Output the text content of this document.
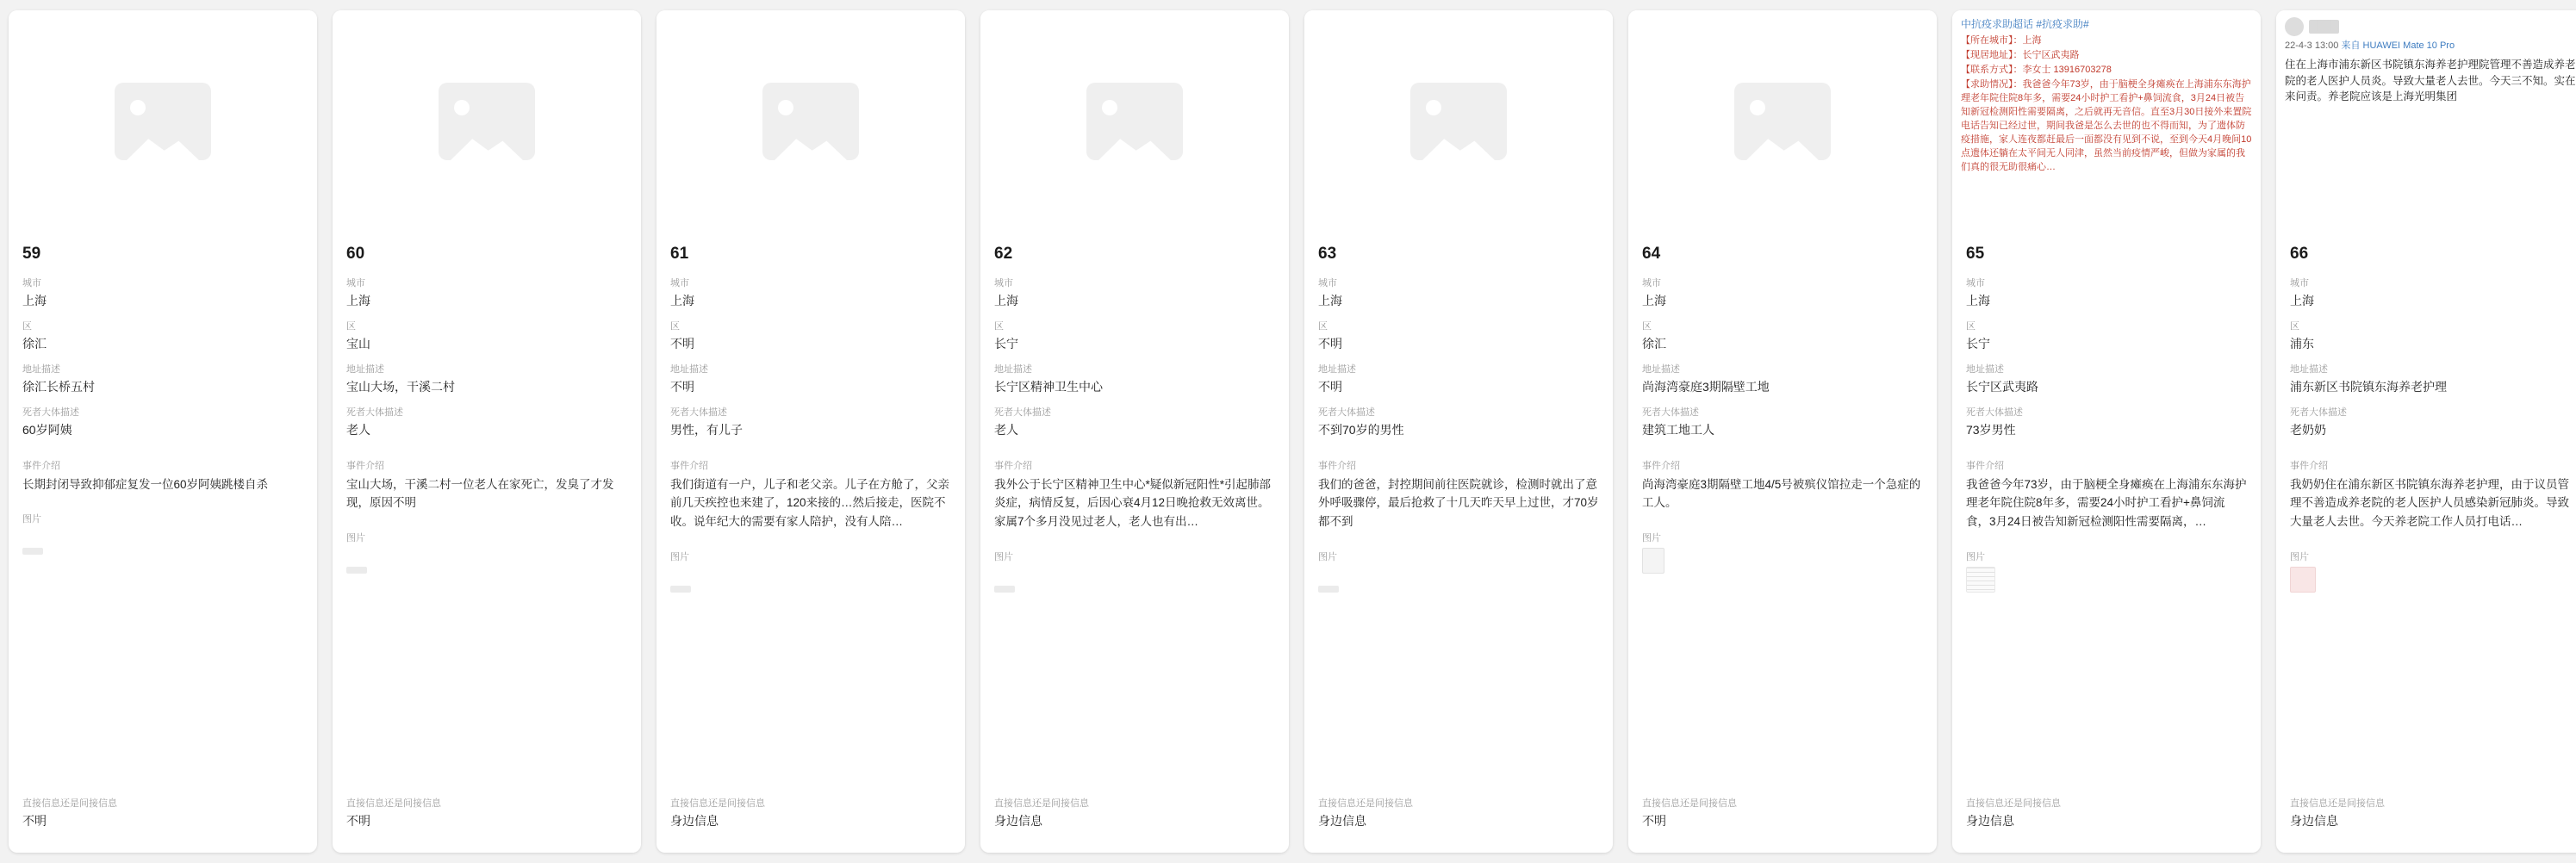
59
城市
上海
区
徐汇
地址描述
徐汇长桥五村
死者大体描述
60岁阿姨
事件介绍
长期封闭导致抑郁症复发一位60岁阿姨跳楼自杀
图片
直接信息还是间接信息
不明
60
城市
上海
区
宝山
地址描述
宝山大场，干溪二村
死者大体描述
老人
事件介绍
宝山大场，干溪二村一位老人在家死亡，发臭了才发现，原因不明
图片
直接信息还是间接信息
不明
61
城市
上海
区
不明
地址描述
不明
死者大体描述
男性，有儿子
事件介绍
我们街道有一户，儿子和老父亲。儿子在方舱了，父亲前几天疾控也来建了，120来接的…然后接走，医院不收。说年纪大的需要有家人陪护，没有人陪…
图片
直接信息还是间接信息
身边信息
62
城市
上海
区
长宁
地址描述
长宁区精神卫生中心
死者大体描述
老人
事件介绍
我外公于长宁区精神卫生中心*疑似新冠阳性*引起肺部炎症，病情反复，后因心衰4月12日晚抢救无效离世。家属7个多月没见过老人，老人也有出…
图片
直接信息还是间接信息
身边信息
63
城市
上海
区
不明
地址描述
不明
死者大体描述
不到70岁的男性
事件介绍
我们的爸爸，封控期间前往医院就诊，检测时就出了意外呼吸骤停，最后抢救了十几天昨天早上过世，才70岁都不到
图片
直接信息还是间接信息
身边信息
64
城市
上海
区
徐汇
地址描述
尚海湾豪庭3期隔壁工地
死者大体描述
建筑工地工人
事件介绍
尚海湾豪庭3期隔壁工地4/5号被殡仪馆拉走一个急症的工人。
图片
直接信息还是间接信息
不明
中抗疫求助超话 #抗疫求助#
【所在城市】：上海
【现居地址】：长宁区武夷路
【联系方式】：李女士 13916703278
【求助情况】：我爸爸今年73岁，由于脑梗全身瘫痪在上海浦东东海护理老年院住院8年多，需要24小时护工看护+鼻饲流食，3月24日被告知新冠检测阳性需要隔离，之后就再无音信。直至3月30日接外来置院电话告知已经过世，期间我爸是怎么去世的也不得而知，为了遗体防疫措施，家人连夜都赶最后一面都没有见到不说，至到今天4月晚间10点遗体还躺在太平间无人同津，虽然当前疫情严峻，但做为家属的我们真的很无助很痛心…
65
城市
上海
区
长宁
地址描述
长宁区武夷路
死者大体描述
73岁男性
事件介绍
我爸爸今年73岁，由于脑梗全身瘫痪在上海浦东东海护理老年院住院8年多，需要24小时护工看护+鼻饲流食，3月24日被告知新冠检测阳性需要隔离，…
图片
直接信息还是间接信息
身边信息
████
22-4-3 13:00 来自 HUAWEI Mate 10 Pro
住在上海市浦东新区书院镇东海养老护理院管理不善造成养老院的老人医护人员炎。导致大量老人去世。今天三不知。实在来问责。养老院应该是上海光明集团
66
城市
上海
区
浦东
地址描述
浦东新区书院镇东海养老护理
死者大体描述
老奶奶
事件介绍
我奶奶住在浦东新区书院镇东海养老护理，由于议员管理不善造成养老院的老人医护人员感染新冠肺炎。导致大量老人去世。今天养老院工作人员打电话…
图片
直接信息还是间接信息
身边信息
